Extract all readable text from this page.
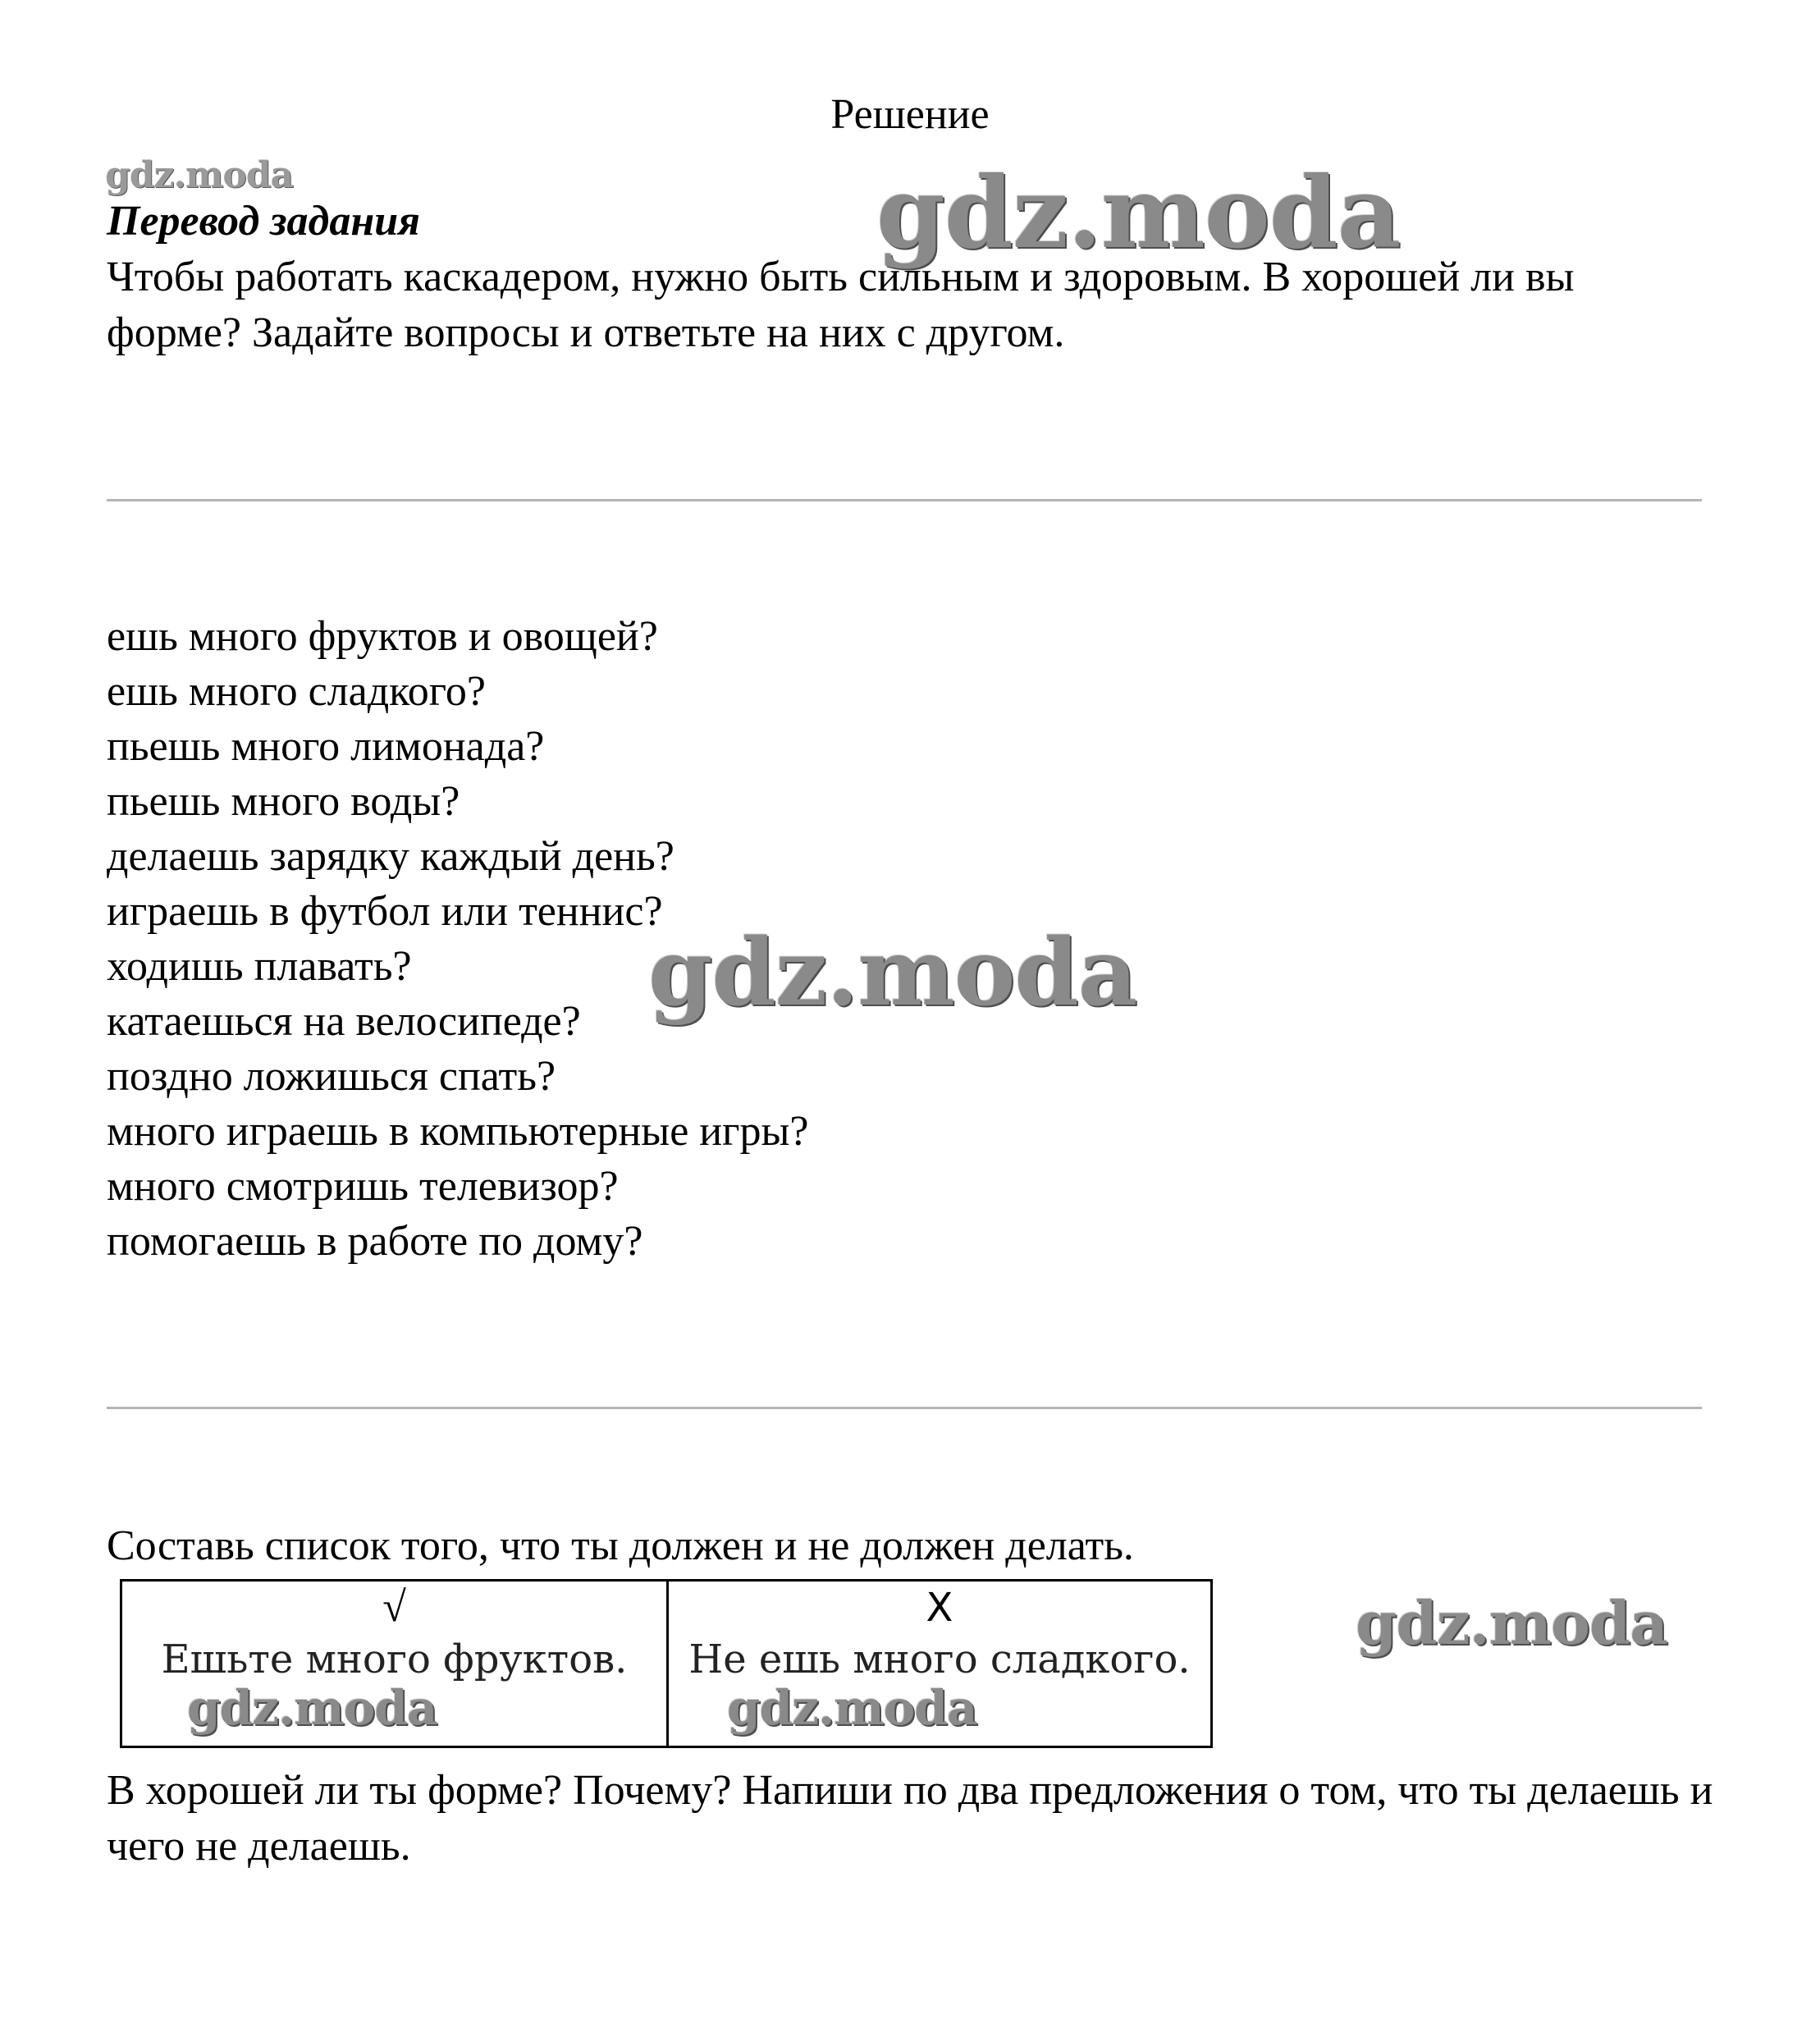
Решение
gdz.moda
Перевод задания	gdz.moda
Чтобы работать каскадером, нужно быть сильным и здоровым. В хорошей ли вы форме? Задайте вопросы и ответьте на них с другом.
ешь много фруктов и овощей?
ешь много сладкого?
пьешь много лимонада?
пьешь много воды?
делаешь зарядку каждый день?
играешь в футбол или теннис?
ходишь плавать?
катаешься на велосипеде?
поздно ложишься спать?
много играешь в компьютерные игры?
много смотришь телевизор?
помогаешь в работе по дому?
gdz.moda
Составь список того, что ты должен и не должен делать.
√
Ешьте много фруктов.
X
Не ешь много сладкого.
gdz.moda	gdz.moda
gdz.moda
В хорошей ли ты форме? Почему? Напиши по два предложения о том, что ты делаешь и чего не делаешь.
